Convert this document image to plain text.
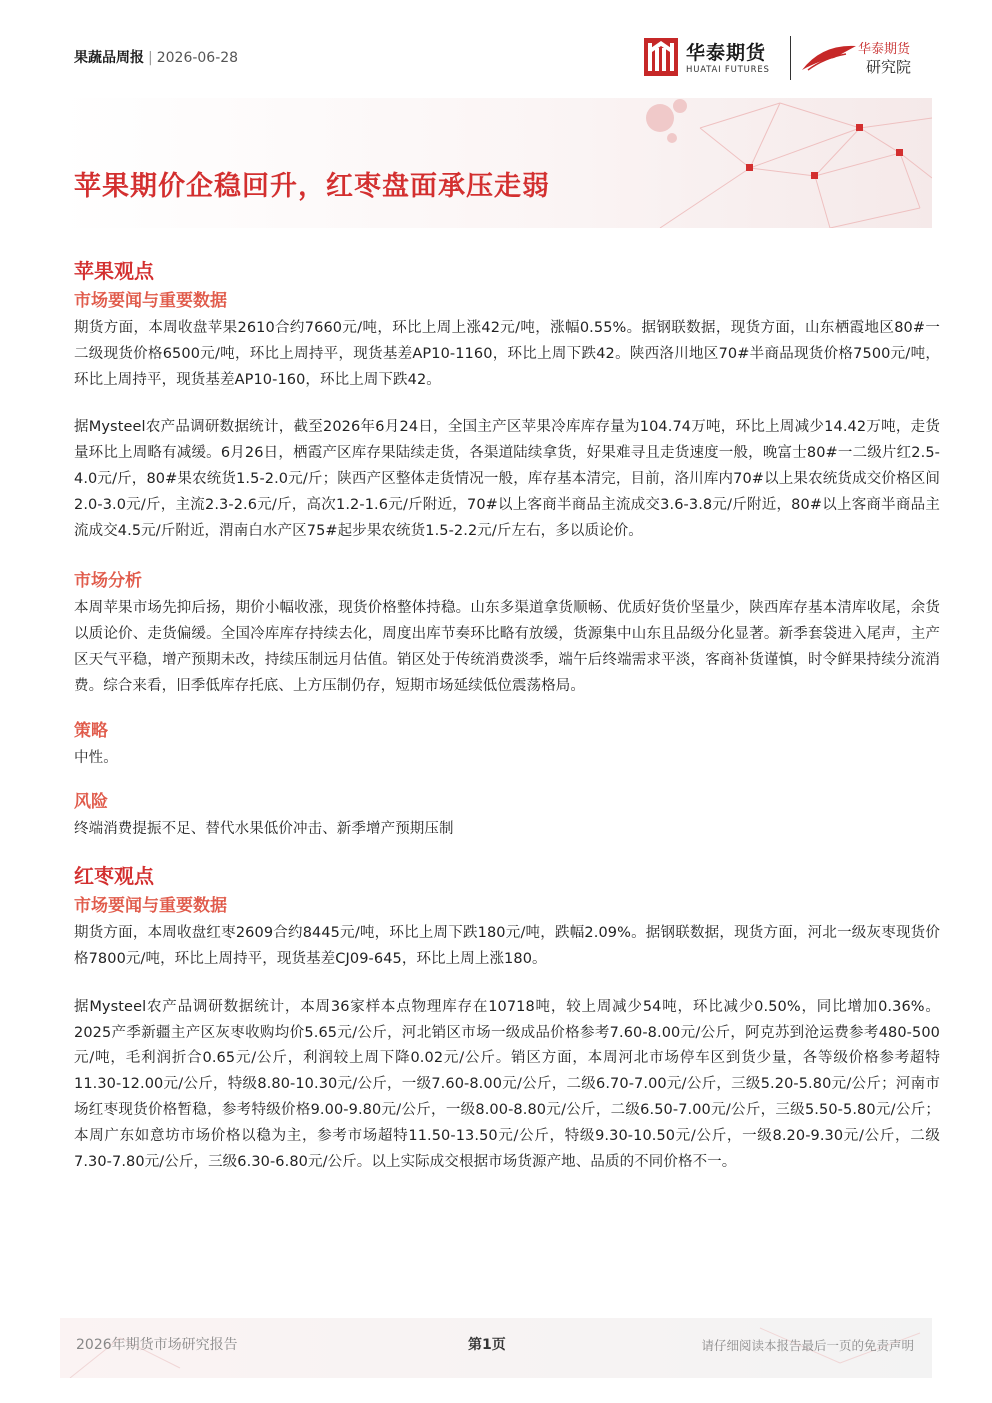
果蔬品周报 | 2026-06-28	华泰期货
HUATAI FUTURES
华泰期货
研究院
苹果期价企稳回升，红枣盘面承压走弱
苹果观点
市场要闻与重要数据
期货方面，本周收盘苹果2610合约7660元/吨，环比上周上涨42元/吨，涨幅0.55%。据钢联数据，现货方面，山东栖霞地区80#一二级现货价格6500元/吨，环比上周持平，现货基差AP10-1160，环比上周下跌42。陕西洛川地区70#半商品现货价格7500元/吨，环比上周持平，现货基差AP10-160，环比上周下跌42。
据Mysteel农产品调研数据统计，截至2026年6月24日，全国主产区苹果冷库库存量为104.74万吨，环比上周减少14.42万吨，走货量环比上周略有减缓。6月26日，栖霞产区库存果陆续走货，各渠道陆续拿货，好果难寻且走货速度一般，晚富士80#一二级片红2.5-4.0元/斤，80#果农统货1.5-2.0元/斤；陕西产区整体走货情况一般，库存基本清完，目前，洛川库内70#以上果农统货成交价格区间2.0-3.0元/斤，主流2.3-2.6元/斤，高次1.2-1.6元/斤附近，70#以上客商半商品主流成交3.6-3.8元/斤附近，80#以上客商半商品主流成交4.5元/斤附近，渭南白水产区75#起步果农统货1.5-2.2元/斤左右，多以质论价。
市场分析
本周苹果市场先抑后扬，期价小幅收涨，现货价格整体持稳。山东多渠道拿货顺畅、优质好货价坚量少，陕西库存基本清库收尾，余货以质论价、走货偏缓。全国冷库库存持续去化，周度出库节奏环比略有放缓，货源集中山东且品级分化显著。新季套袋进入尾声，主产区天气平稳，增产预期未改，持续压制远月估值。销区处于传统消费淡季，端午后终端需求平淡，客商补货谨慎，时令鲜果持续分流消费。综合来看，旧季低库存托底、上方压制仍存，短期市场延续低位震荡格局。
策略
中性。
风险
终端消费提振不足、替代水果低价冲击、新季增产预期压制
红枣观点
市场要闻与重要数据
期货方面，本周收盘红枣2609合约8445元/吨，环比上周下跌180元/吨，跌幅2.09%。据钢联数据，现货方面，河北一级灰枣现货价格7800元/吨，环比上周持平，现货基差CJ09-645，环比上周上涨180。
据Mysteel农产品调研数据统计，本周36家样本点物理库存在10718吨，较上周减少54吨，环比减少0.50%，同比增加0.36%。2025产季新疆主产区灰枣收购均价5.65元/公斤，河北销区市场一级成品价格参考7.60-8.00元/公斤，阿克苏到沧运费参考480-500元/吨，毛利润折合0.65元/公斤，利润较上周下降0.02元/公斤。销区方面，本周河北市场停车区到货少量，各等级价格参考超特11.30-12.00元/公斤，特级8.80-10.30元/公斤，一级7.60-8.00元/公斤，二级6.70-7.00元/公斤，三级5.20-5.80元/公斤；河南市场红枣现货价格暂稳，参考特级价格9.00-9.80元/公斤，一级8.00-8.80元/公斤，二级6.50-7.00元/公斤，三级5.50-5.80元/公斤；本周广东如意坊市场价格以稳为主，参考市场超特11.50-13.50元/公斤，特级9.30-10.50元/公斤，一级8.20-9.30元/公斤，二级7.30-7.80元/公斤，三级6.30-6.80元/公斤。以上实际成交根据市场货源产地、品质的不同价格不一。
2026年期货市场研究报告	第1页	请仔细阅读本报告最后一页的免责声明
